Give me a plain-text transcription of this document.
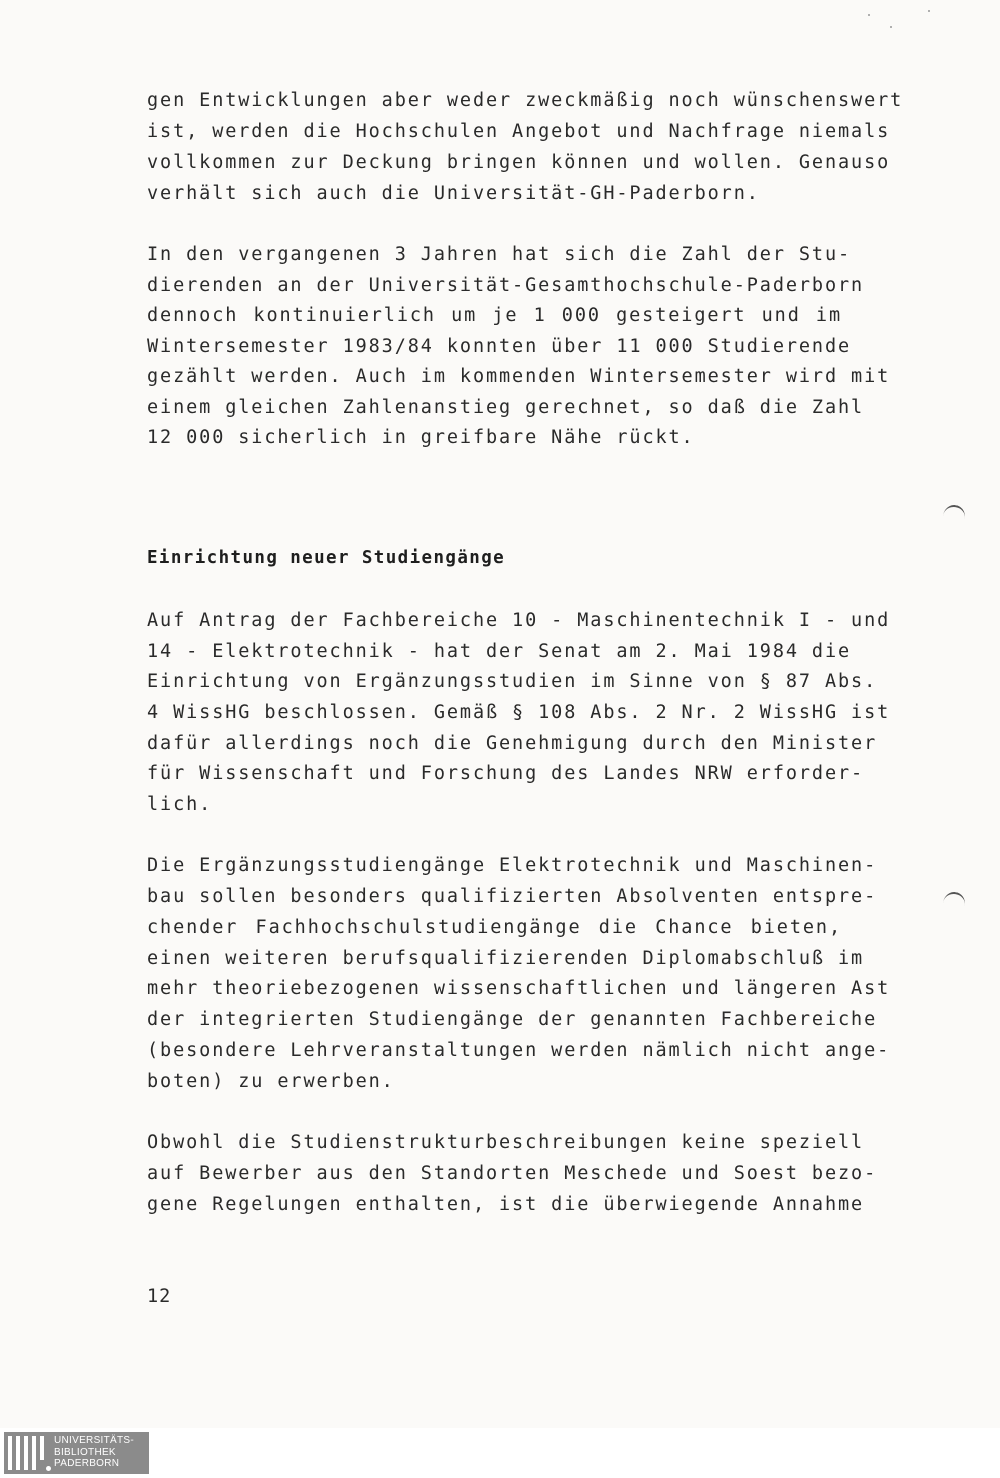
gen Entwicklungen aber weder zweckmäßig noch wünschenswert
ist, werden die Hochschulen Angebot und Nachfrage niemals
vollkommen zur Deckung bringen können und wollen. Genauso
verhält sich auch die Universität-GH-Paderborn.
In den vergangenen 3 Jahren hat sich die Zahl der Stu-
dierenden an der Universität-Gesamthochschule-Paderborn
dennoch kontinuierlich um je 1 000 gesteigert und im
Wintersemester 1983/84 konnten über 11 000 Studierende
gezählt werden. Auch im kommenden Wintersemester wird mit
einem gleichen Zahlenanstieg gerechnet, so daß die Zahl
12 000 sicherlich in greifbare Nähe rückt.
Einrichtung neuer Studiengänge
Auf Antrag der Fachbereiche 10 - Maschinentechnik I - und
14 - Elektrotechnik - hat der Senat am 2. Mai 1984 die
Einrichtung von Ergänzungsstudien im Sinne von § 87 Abs.
4 WissHG beschlossen. Gemäß § 108 Abs. 2 Nr. 2 WissHG ist
dafür allerdings noch die Genehmigung durch den Minister
für Wissenschaft und Forschung des Landes NRW erforder-
lich.
Die Ergänzungsstudiengänge Elektrotechnik und Maschinen-
bau sollen besonders qualifizierten Absolventen entspre-
chender Fachhochschulstudiengänge die Chance bieten,
einen weiteren berufsqualifizierenden Diplomabschluß im
mehr theoriebezogenen wissenschaftlichen und längeren Ast
der integrierten Studiengänge der genannten Fachbereiche
(besondere Lehrveranstaltungen werden nämlich nicht ange-
boten) zu erwerben.
Obwohl die Studienstrukturbeschreibungen keine speziell
auf Bewerber aus den Standorten Meschede und Soest bezo-
gene Regelungen enthalten, ist die überwiegende Annahme
12
UNIVERSITÄTS-
BIBLIOTHEK
PADERBORN
